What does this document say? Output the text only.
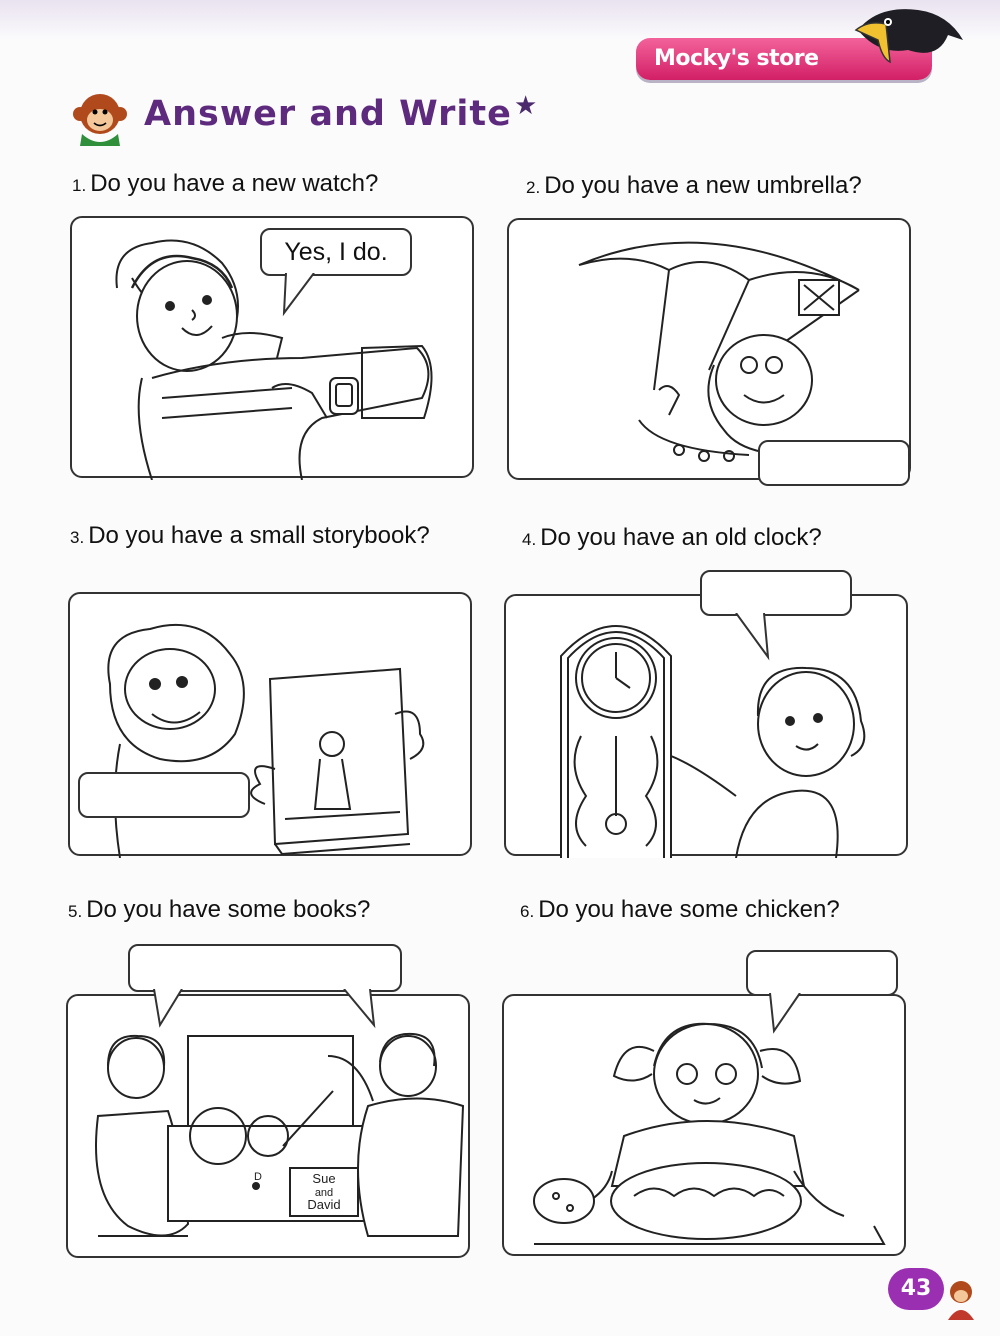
Mocky's store
Answer and Write ★
1. Do you have a new watch?	2. Do you have a new umbrella?
3. Do you have a small storybook?	4. Do you have an old clock?
5. Do you have some books?	6. Do you have some chicken?
Yes, I do.
Sue
and
David
D
43
